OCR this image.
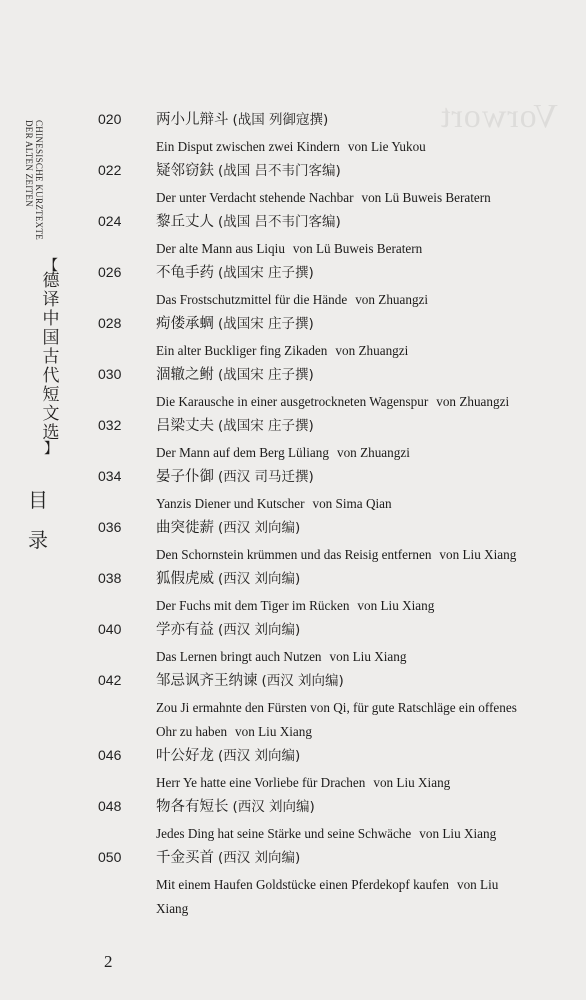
Vorwort
CHINESISCHE KURZTEXTE
DER ALTEN ZEITEN
【
德译中国古代短文选
】
目 录
020	两小儿辩斗 (战国 列御寇撰)
Ein Disput zwischen zwei Kindern von Lie Yukou
022	疑邻窃鈇 (战国 吕不韦门客编)
Der unter Verdacht stehende Nachbar von Lü Buweis Beratern
024	黎丘丈人 (战国 吕不韦门客编)
Der alte Mann aus Liqiu von Lü Buweis Beratern
026	不龟手药 (战国宋 庄子撰)
Das Frostschutzmittel für die Hände von Zhuangzi
028	痀偻承蜩 (战国宋 庄子撰)
Ein alter Buckliger fing Zikaden von Zhuangzi
030	涸辙之鲋 (战国宋 庄子撰)
Die Karausche in einer ausgetrockneten Wagenspur von Zhuangzi
032	吕梁丈夫 (战国宋 庄子撰)
Der Mann auf dem Berg Lüliang von Zhuangzi
034	晏子仆御 (西汉 司马迁撰)
Yanzis Diener und Kutscher von Sima Qian
036	曲突徙薪 (西汉 刘向编)
Den Schornstein krümmen und das Reisig entfernen von Liu Xiang
038	狐假虎威 (西汉 刘向编)
Der Fuchs mit dem Tiger im Rücken von Liu Xiang
040	学亦有益 (西汉 刘向编)
Das Lernen bringt auch Nutzen von Liu Xiang
042	邹忌讽齐王纳谏 (西汉 刘向编)
Zou Ji ermahnte den Fürsten von Qi, für gute Ratschläge ein offenes
Ohr zu haben von Liu Xiang
046	叶公好龙 (西汉 刘向编)
Herr Ye hatte eine Vorliebe für Drachen von Liu Xiang
048	物各有短长 (西汉 刘向编)
Jedes Ding hat seine Stärke und seine Schwäche von Liu Xiang
050	千金买首 (西汉 刘向编)
Mit einem Haufen Goldstücke einen Pferdekopf kaufen von Liu
Xiang
2
